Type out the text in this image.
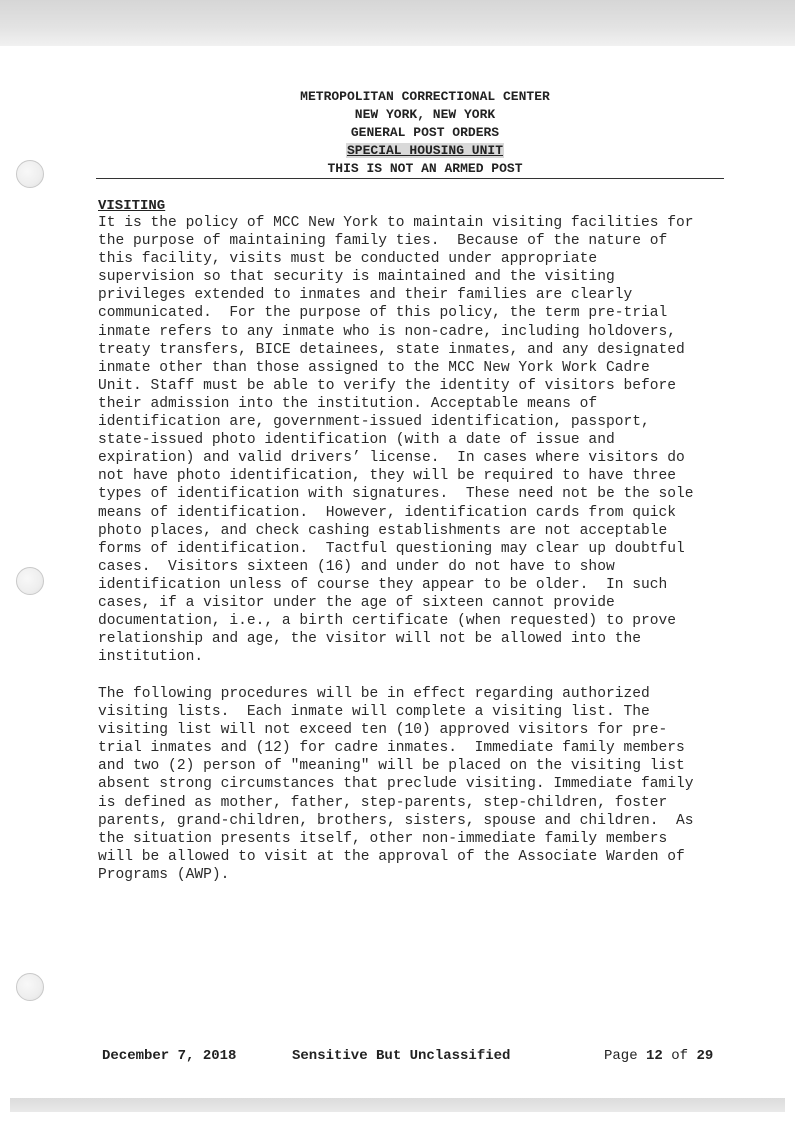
METROPOLITAN CORRECTIONAL CENTER
NEW YORK, NEW YORK
GENERAL POST ORDERS
SPECIAL HOUSING UNIT
THIS IS NOT AN ARMED POST
VISITING

It is the policy of MCC New York to maintain visiting facilities for
the purpose of maintaining family ties.  Because of the nature of
this facility, visits must be conducted under appropriate
supervision so that security is maintained and the visiting
privileges extended to inmates and their families are clearly
communicated.  For the purpose of this policy, the term pre-trial
inmate refers to any inmate who is non-cadre, including holdovers,
treaty transfers, BICE detainees, state inmates, and any designated
inmate other than those assigned to the MCC New York Work Cadre
Unit. Staff must be able to verify the identity of visitors before
their admission into the institution. Acceptable means of
identification are, government-issued identification, passport,
state-issued photo identification (with a date of issue and
expiration) and valid drivers’ license.  In cases where visitors do
not have photo identification, they will be required to have three
types of identification with signatures.  These need not be the sole
means of identification.  However, identification cards from quick
photo places, and check cashing establishments are not acceptable
forms of identification.  Tactful questioning may clear up doubtful
cases.  Visitors sixteen (16) and under do not have to show
identification unless of course they appear to be older.  In such
cases, if a visitor under the age of sixteen cannot provide
documentation, i.e., a birth certificate (when requested) to prove
relationship and age, the visitor will not be allowed into the
institution.

The following procedures will be in effect regarding authorized
visiting lists.  Each inmate will complete a visiting list. The
visiting list will not exceed ten (10) approved visitors for pre-
trial inmates and (12) for cadre inmates.  Immediate family members
and two (2) person of "meaning" will be placed on the visiting list
absent strong circumstances that preclude visiting. Immediate family
is defined as mother, father, step-parents, step-children, foster
parents, grand-children, brothers, sisters, spouse and children.  As
the situation presents itself, other non-immediate family members
will be allowed to visit at the approval of the Associate Warden of
Programs (AWP).

December 7, 2018	Sensitive But Unclassified	Page 12 of 29
